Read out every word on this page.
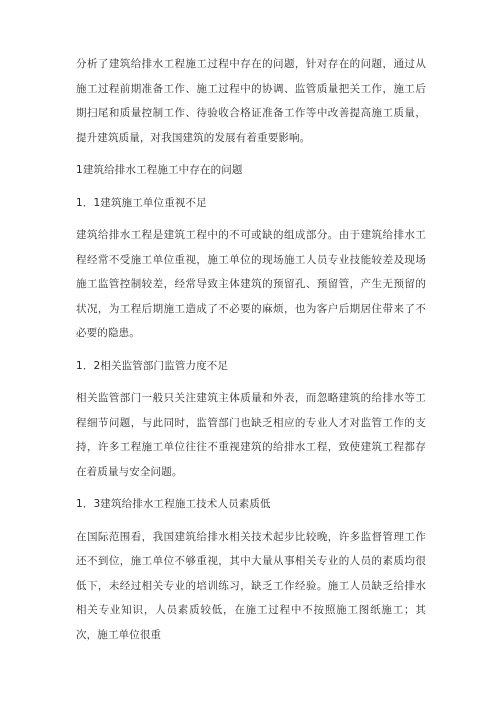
分析了建筑给排水工程施工过程中存在的问题，针对存在的问题，通过从施工过程前期准备工作、施工过程中的协调、监管质量把关工作，施工后期扫尾和质量控制工作、待验收合格证准备工作等中改善提高施工质量，提升建筑质量，对我国建筑的发展有着重要影响。

1建筑给排水工程施工中存在的问题

1．1建筑施工单位重视不足

建筑给排水工程是建筑工程中的不可或缺的组成部分。由于建筑给排水工程经常不受施工单位重视，施工单位的现场施工人员专业技能较差及现场施工监管控制较差，经常导致主体建筑的预留孔、预留管，产生无预留的状况，为工程后期施工造成了不必要的麻烦，也为客户后期居住带来了不必要的隐患。

1．2相关监管部门监管力度不足

相关监管部门一般只关注建筑主体质量和外表，而忽略建筑的给排水等工程细节问题，与此同时，监管部门也缺乏相应的专业人才对监管工作的支持，许多工程施工单位往往不重视建筑的给排水工程，致使建筑工程都存在着质量与安全问题。

1．3建筑给排水工程施工技术人员素质低

在国际范围看，我国建筑给排水相关技术起步比较晚，许多监督管理工作还不到位，施工单位不够重视，其中大量从事相关专业的人员的素质均很低下，未经过相关专业的培训练习，缺乏工作经验。施工人员缺乏给排水相关专业知识，人员素质较低，在施工过程中不按照施工图纸施工；其次，施工单位很重
